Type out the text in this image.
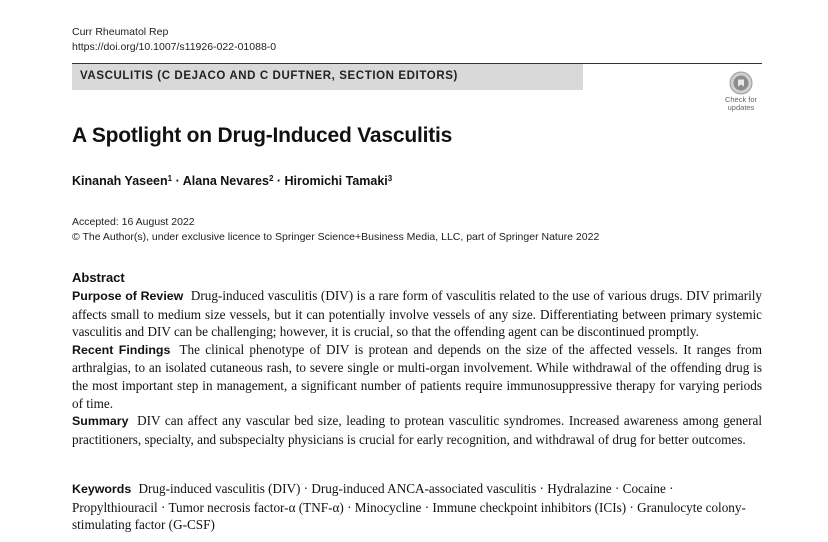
Curr Rheumatol Rep
https://doi.org/10.1007/s11926-022-01088-0
VASCULITIS (C DEJACO AND C DUFTNER, SECTION EDITORS)
Check for
updates
A Spotlight on Drug-Induced Vasculitis
Kinanah Yaseen$^1$ · Alana Nevares$^2$ · Hiromichi Tamaki$^3$
Accepted: 16 August 2022
© The Author(s), under exclusive licence to Springer Science+Business Media, LLC, part of Springer Nature 2022
Abstract

Purpose of Review Drug-induced vasculitis (DIV) is a rare form of vasculitis related to the use of various drugs. DIV primarily affects small to medium size vessels, but it can potentially involve vessels of any size. Differentiating between primary systemic vasculitis and DIV can be challenging; however, it is crucial, so that the offending agent can be discontinued promptly.

Recent Findings The clinical phenotype of DIV is protean and depends on the size of the affected vessels. It ranges from arthralgias, to an isolated cutaneous rash, to severe single or multi-organ involvement. While withdrawal of the offending drug is the most important step in management, a significant number of patients require immunosuppressive therapy for varying periods of time.

Summary DIV can affect any vascular bed size, leading to protean vasculitic syndromes. Increased awareness among general practitioners, specialty, and subspecialty physicians is crucial for early recognition, and withdrawal of drug for better outcomes.

Keywords Drug-induced vasculitis (DIV) · Drug-induced ANCA-associated vasculitis · Hydralazine · Cocaine · Propylthiouracil · Tumor necrosis factor-α (TNF-α) · Minocycline · Immune checkpoint inhibitors (ICIs) · Granulocyte colony-stimulating factor (G-CSF)
